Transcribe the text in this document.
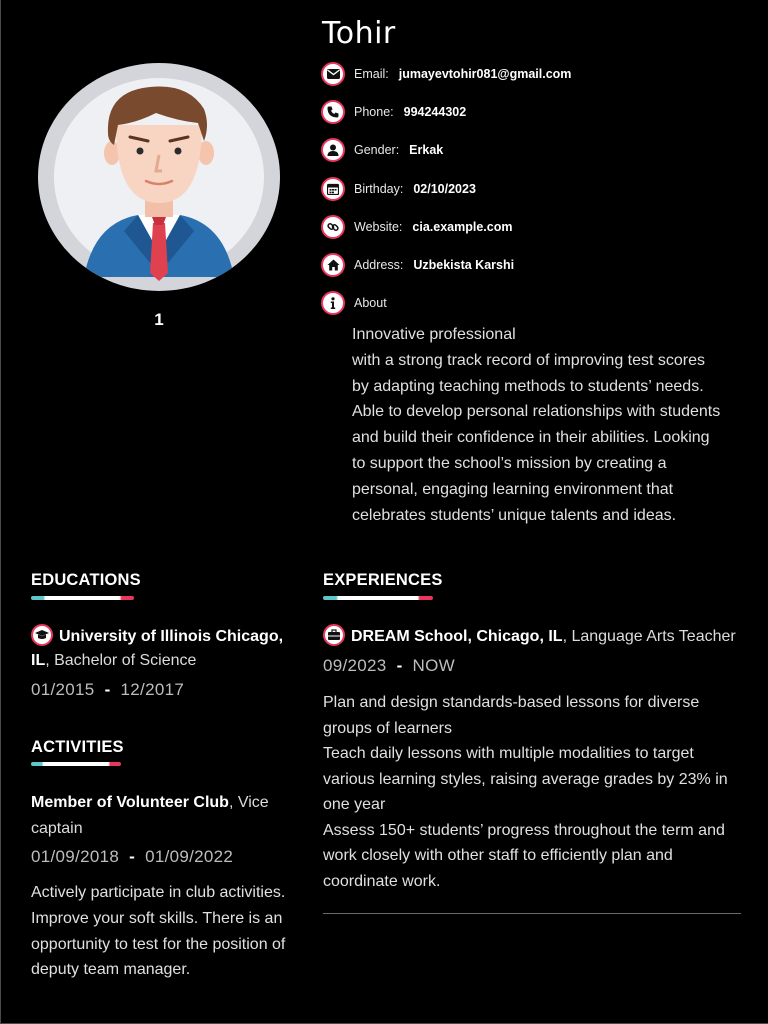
1
Tohir
Email: jumayevtohir081@gmail.com
Phone: 994244302
Gender: Erkak
Birthday: 02/10/2023
Website: cia.example.com
Address: Uzbekista Karshi
About

Innovative professional

with a strong track record of improving test scores

by adapting teaching methods to students’ needs.

Able to develop personal relationships with students

and build their confidence in their abilities. Looking

to support the school’s mission by creating a

personal, engaging learning environment that

celebrates students’ unique talents and ideas.

EDUCATIONS
University of Illinois Chicago,
IL, Bachelor of Science
01/2015 - 12/2017
ACTIVITIES
Member of Volunteer Club, Vice
captain
01/09/2018 - 01/09/2022

Actively participate in club activities.

Improve your soft skills. There is an

opportunity to test for the position of

deputy team manager.

EXPERIENCES
DREAM School, Chicago, IL, Language Arts Teacher
09/2023 - NOW

Plan and design standards-based lessons for diverse

groups of learners

Teach daily lessons with multiple modalities to target

various learning styles, raising average grades by 23% in

one year

Assess 150+ students’ progress throughout the term and

work closely with other staff to efficiently plan and

coordinate work.
